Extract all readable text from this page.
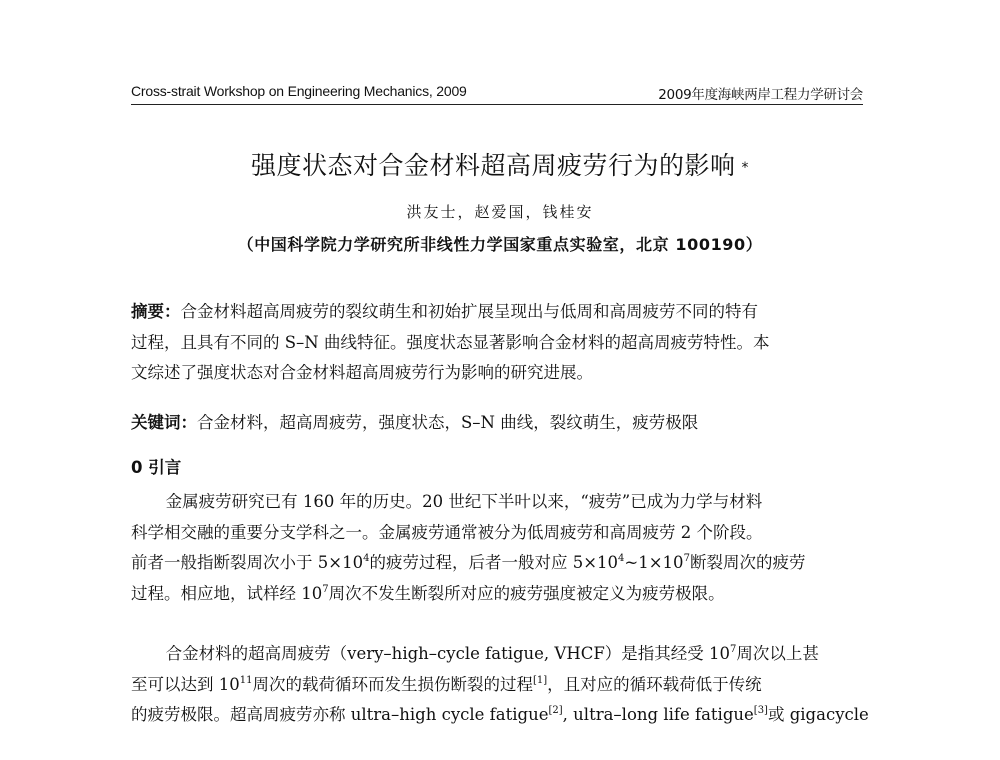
Cross-strait Workshop on Engineering Mechanics, 2009	2009年度海峡两岸工程力学研讨会
强度状态对合金材料超高周疲劳行为的影响 *
洪友士，赵爱国，钱桂安
（中国科学院力学研究所非线性力学国家重点实验室，北京 100190）
摘要：合金材料超高周疲劳的裂纹萌生和初始扩展呈现出与低周和高周疲劳不同的特有
过程，且具有不同的 S–N 曲线特征。强度状态显著影响合金材料的超高周疲劳特性。本
文综述了强度状态对合金材料超高周疲劳行为影响的研究进展。
关键词：合金材料，超高周疲劳，强度状态，S–N 曲线，裂纹萌生，疲劳极限
0 引言
金属疲劳研究已有 160 年的历史。20 世纪下半叶以来，“疲劳”已成为力学与材料
科学相交融的重要分支学科之一。金属疲劳通常被分为低周疲劳和高周疲劳 2 个阶段。
前者一般指断裂周次小于 $5\times 10^4$的疲劳过程，后者一般对应 $5\times 10^4\sim 1\times 10^7$断裂周次的疲劳
过程。相应地，试样经 $10^7$周次不发生断裂所对应的疲劳强度被定义为疲劳极限。
合金材料的超高周疲劳（very–high–cycle fatigue, VHCF）是指其经受 $10^7$周次以上甚
至可以达到 $10^{11}$周次的载荷循环而发生损伤断裂的过程[1]，且对应的循环载荷低于传统
的疲劳极限。超高周疲劳亦称 ultra–high cycle fatigue[2], ultra–long life fatigue[3]或 gigacycle
